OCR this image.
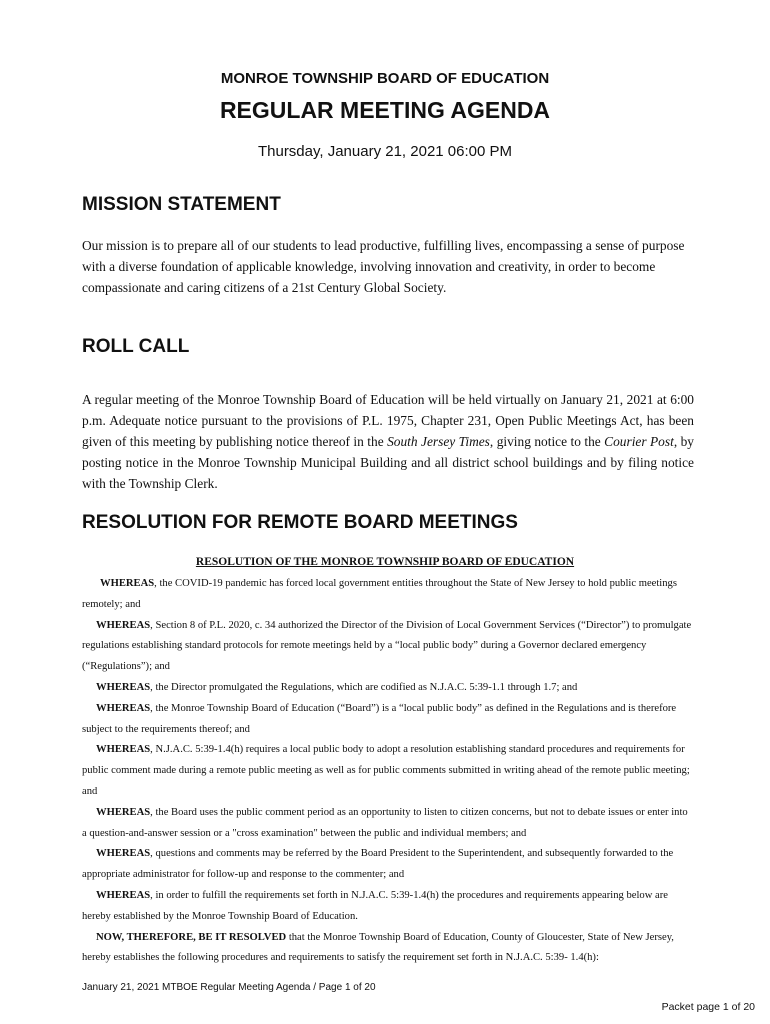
MONROE TOWNSHIP BOARD OF EDUCATION
REGULAR MEETING AGENDA
Thursday, January 21, 2021 06:00 PM
MISSION STATEMENT
Our mission is to prepare all of our students to lead productive, fulfilling lives, encompassing a sense of purpose with a diverse foundation of applicable knowledge, involving innovation and creativity, in order to become compassionate and caring citizens of a 21st Century Global Society.
ROLL CALL
A regular meeting of the Monroe Township Board of Education will be held virtually on January 21, 2021 at 6:00 p.m. Adequate notice pursuant to the provisions of P.L. 1975, Chapter 231, Open Public Meetings Act, has been given of this meeting by publishing notice thereof in the South Jersey Times, giving notice to the Courier Post, by posting notice in the Monroe Township Municipal Building and all district school buildings and by filing notice with the Township Clerk.
RESOLUTION FOR REMOTE BOARD MEETINGS
RESOLUTION OF THE MONROE TOWNSHIP BOARD OF EDUCATION

WHEREAS, the COVID-19 pandemic has forced local government entities throughout the State of New Jersey to hold public meetings remotely; and

WHEREAS, Section 8 of P.L. 2020, c. 34 authorized the Director of the Division of Local Government Services (“Director”) to promulgate regulations establishing standard protocols for remote meetings held by a “local public body” during a Governor declared emergency (“Regulations”); and

WHEREAS, the Director promulgated the Regulations, which are codified as N.J.A.C. 5:39-1.1 through 1.7; and

WHEREAS, the Monroe Township Board of Education (“Board”) is a “local public body” as defined in the Regulations and is therefore subject to the requirements thereof; and

WHEREAS, N.J.A.C. 5:39-1.4(h) requires a local public body to adopt a resolution establishing standard procedures and requirements for public comment made during a remote public meeting as well as for public comments submitted in writing ahead of the remote public meeting; and

WHEREAS, the Board uses the public comment period as an opportunity to listen to citizen concerns, but not to debate issues or enter into a question-and-answer session or a "cross examination" between the public and individual members; and

WHEREAS, questions and comments may be referred by the Board President to the Superintendent, and subsequently forwarded to the appropriate administrator for follow-up and response to the commenter; and

WHEREAS, in order to fulfill the requirements set forth in N.J.A.C. 5:39-1.4(h) the procedures and requirements appearing below are hereby established by the Monroe Township Board of Education.

NOW, THEREFORE, BE IT RESOLVED that the Monroe Township Board of Education, County of Gloucester, State of New Jersey, hereby establishes the following procedures and requirements to satisfy the requirement set forth in N.J.A.C. 5:39- 1.4(h):

January 21, 2021 MTBOE Regular Meeting Agenda / Page 1 of 20
Packet page 1 of 20
